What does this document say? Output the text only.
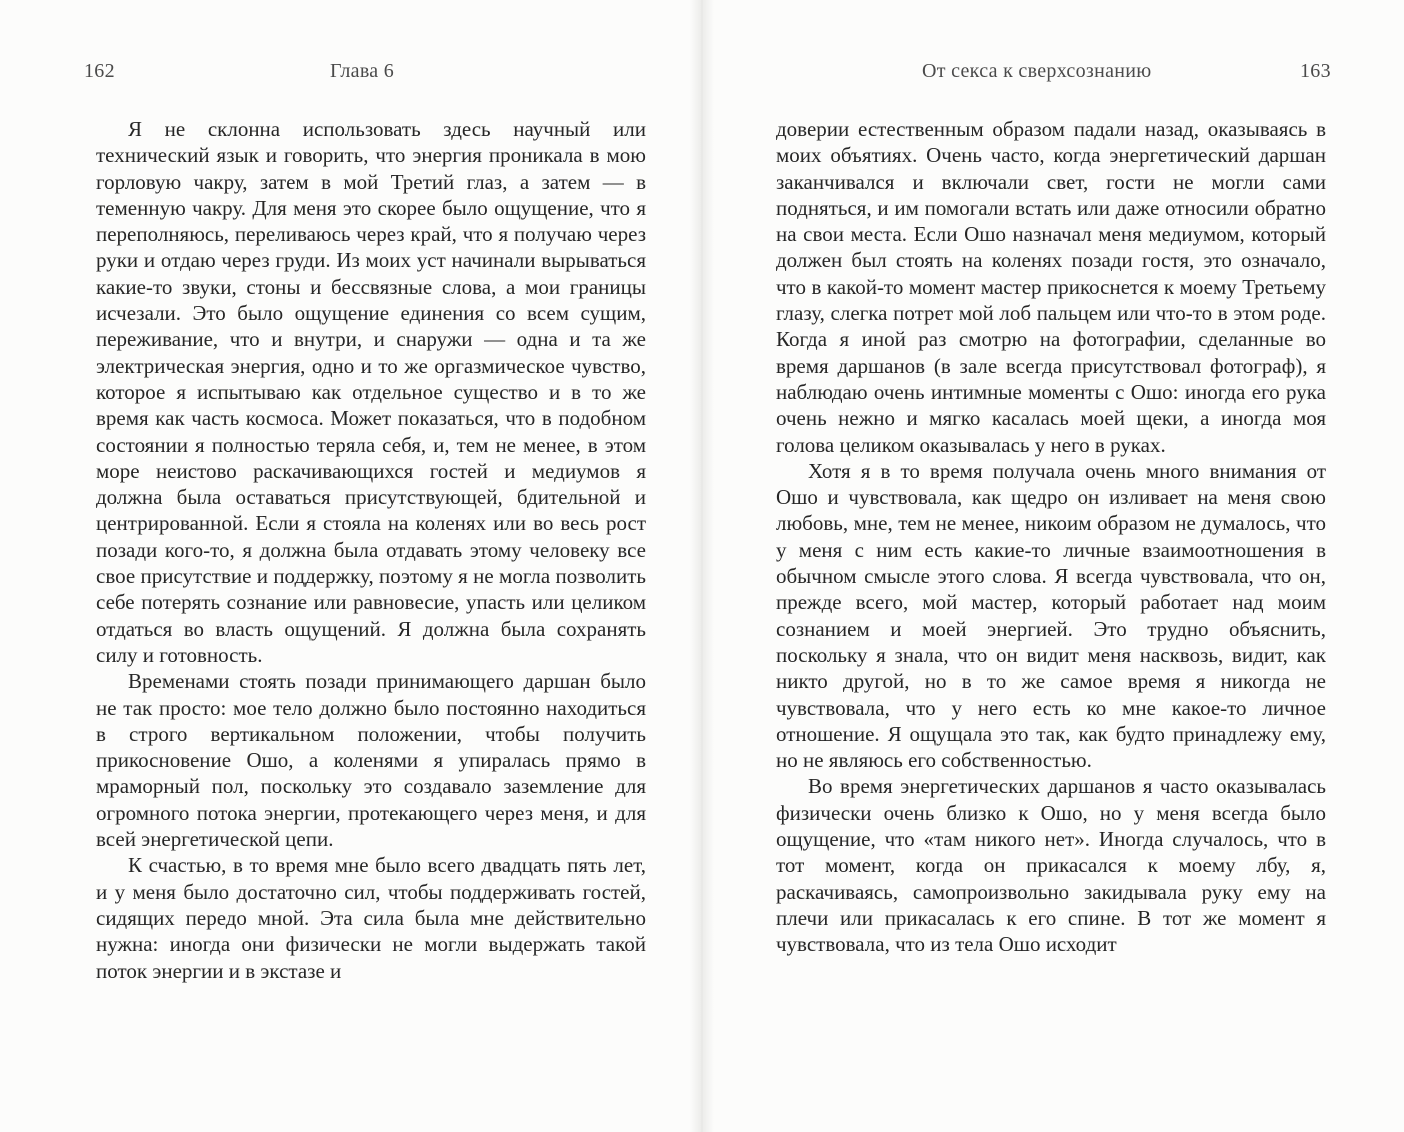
162	Глава 6

Я не склонна использовать здесь научный или технический язык и говорить, что энергия проникала в мою горловую чакру, затем в мой Третий глаз, а затем — в теменную чакру. Для меня это скорее было ощущение, что я переполняюсь, переливаюсь через край, что я получаю через руки и отдаю через груди. Из моих уст начинали вырываться какие-то звуки, стоны и бессвязные слова, а мои границы исчезали. Это было ощущение единения со всем сущим, переживание, что и внутри, и снаружи — одна и та же электрическая энергия, одно и то же оргазмическое чувство, которое я испытываю как отдельное существо и в то же время как часть космоса. Может показаться, что в подобном состоянии я полностью теряла себя, и, тем не менее, в этом море неистово раскачивающихся гостей и медиумов я должна была оставаться присутствующей, бдительной и центрированной. Если я стояла на коленях или во весь рост позади кого-то, я должна была отдавать этому человеку все свое присутствие и поддержку, поэтому я не могла позволить себе потерять сознание или равновесие, упасть или целиком отдаться во власть ощущений. Я должна была сохранять силу и готовность.

Временами стоять позади принимающего даршан было не так просто: мое тело должно было постоянно находиться в строго вертикальном положении, чтобы получить прикосновение Ошо, а коленями я упиралась прямо в мраморный пол, поскольку это создавало заземление для огромного потока энергии, протекающего через меня, и для всей энергетической цепи.

К счастью, в то время мне было всего двадцать пять лет, и у меня было достаточно сил, чтобы поддерживать гостей, сидящих передо мной. Эта сила была мне действительно нужна: иногда они физически не могли выдержать такой поток энергии и в экстазе и

От секса к сверхсознанию	163

доверии естественным образом падали назад, оказываясь в моих объятиях. Очень часто, когда энергетический даршан заканчивался и включали свет, гости не могли сами подняться, и им помогали встать или даже относили обратно на свои места. Если Ошо назначал меня медиумом, который должен был стоять на коленях позади гостя, это означало, что в какой-то момент мастер прикоснется к моему Третьему глазу, слегка потрет мой лоб пальцем или что-то в этом роде. Когда я иной раз смотрю на фотографии, сделанные во время даршанов (в зале всегда присутствовал фотограф), я наблюдаю очень интимные моменты с Ошо: иногда его рука очень нежно и мягко касалась моей щеки, а иногда моя голова целиком оказывалась у него в руках.

Хотя я в то время получала очень много внимания от Ошо и чувствовала, как щедро он изливает на меня свою любовь, мне, тем не менее, никоим образом не думалось, что у меня с ним есть какие-то личные взаимоотношения в обычном смысле этого слова. Я всегда чувствовала, что он, прежде всего, мой мастер, который работает над моим сознанием и моей энергией. Это трудно объяснить, поскольку я знала, что он видит меня насквозь, видит, как никто другой, но в то же самое время я никогда не чувствовала, что у него есть ко мне какое-то личное отношение. Я ощущала это так, как будто принадлежу ему, но не являюсь его собственностью.

Во время энергетических даршанов я часто оказывалась физически очень близко к Ошо, но у меня всегда было ощущение, что «там никого нет». Иногда случалось, что в тот момент, когда он прикасался к моему лбу, я, раскачиваясь, самопроизвольно закидывала руку ему на плечи или прикасалась к его спине. В тот же момент я чувствовала, что из тела Ошо исходит
